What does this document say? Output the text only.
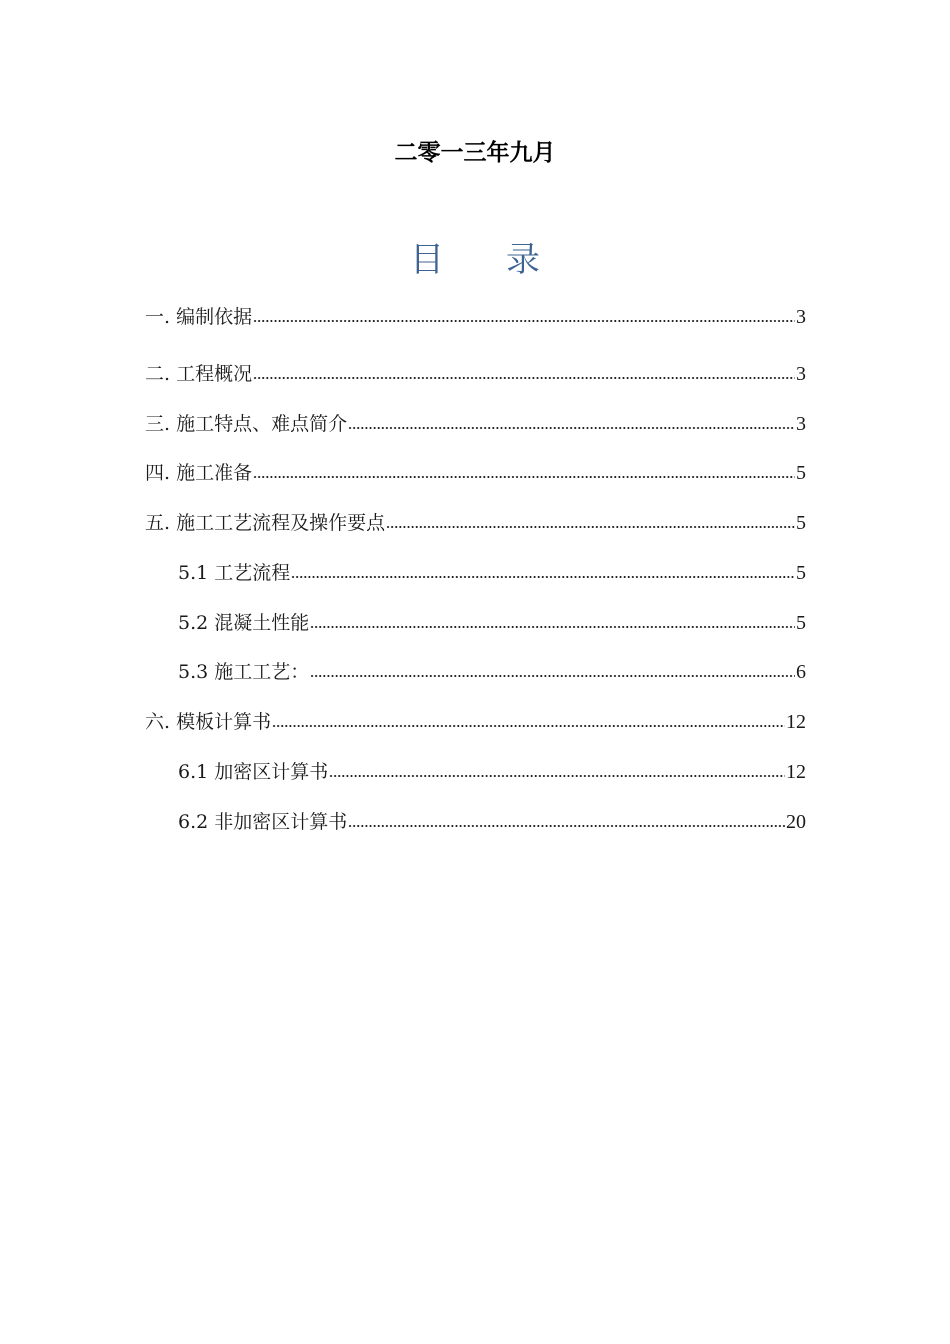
二零一三年九月
目 录
一. 编制依据	3
二. 工程概况	3
三. 施工特点、难点简介	3
四. 施工准备	5
五. 施工工艺流程及操作要点	5
5.1 工艺流程	5
5.2 混凝土性能	5
5.3 施工工艺：	6
六. 模板计算书	12
6.1 加密区计算书	12
6.2 非加密区计算书	20
